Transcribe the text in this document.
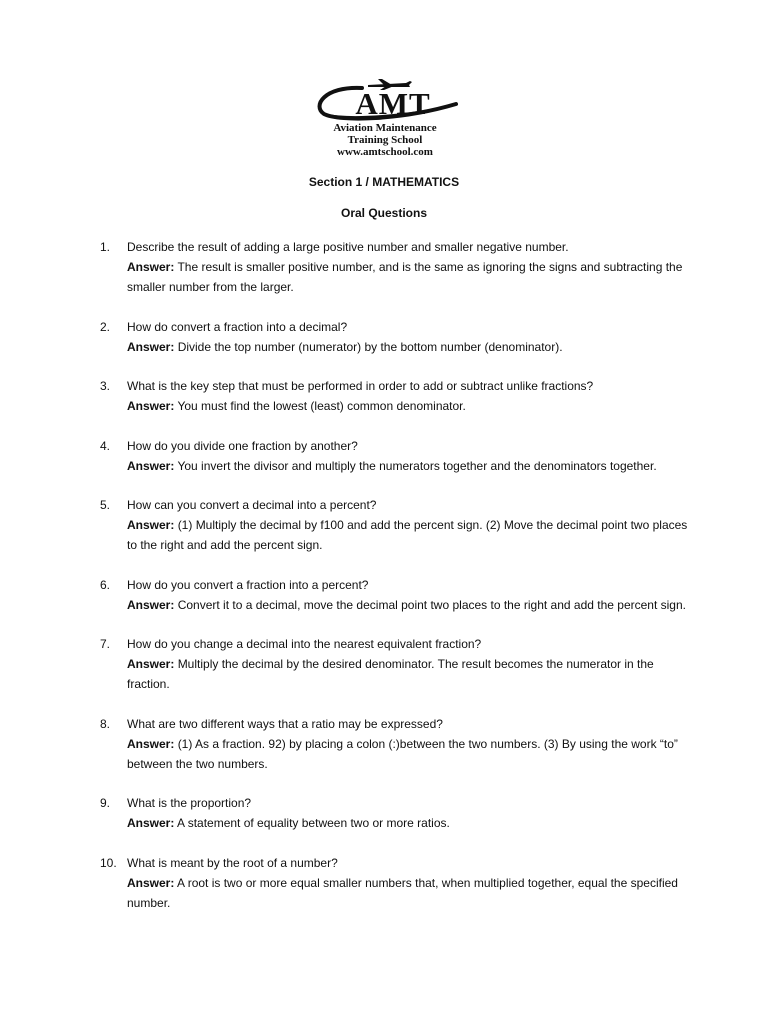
AMT
Aviation Maintenance
Training School
www.amtschool.com
Section 1 / MATHEMATICS
Oral Questions
1.	Describe the result of adding a large positive number and smaller negative number.
Answer: The result is smaller positive number, and is the same as ignoring the signs and subtracting the smaller number from the larger.
2.	How do convert a fraction into a decimal?
Answer: Divide the top number (numerator) by the bottom number (denominator).
3.	What is the key step that must be performed in order to add or subtract unlike fractions?
Answer: You must find the lowest (least) common denominator.
4.	How do you divide one fraction by another?
Answer: You invert the divisor and multiply the numerators together and the denominators together.
5.	How can you convert a decimal into a percent?
Answer: (1) Multiply the decimal by f100 and add the percent sign. (2) Move the decimal point two places to the right and add the percent sign.
6.	How do you convert a fraction into a percent?
Answer: Convert it to a decimal, move the decimal point two places to the right and add the percent sign.
7.	How do you change a decimal into the nearest equivalent fraction?
Answer: Multiply the decimal by the desired denominator. The result becomes the numerator in the fraction.
8.	What are two different ways that a ratio may be expressed?
Answer: (1) As a fraction. 92) by placing a colon (:)between the two numbers. (3) By using the work “to” between the two numbers.
9.	What is the proportion?
Answer: A statement of equality between two or more ratios.
10. What is meant by the root of a number?
Answer: A root is two or more equal smaller numbers that, when multiplied together, equal the specified number.
